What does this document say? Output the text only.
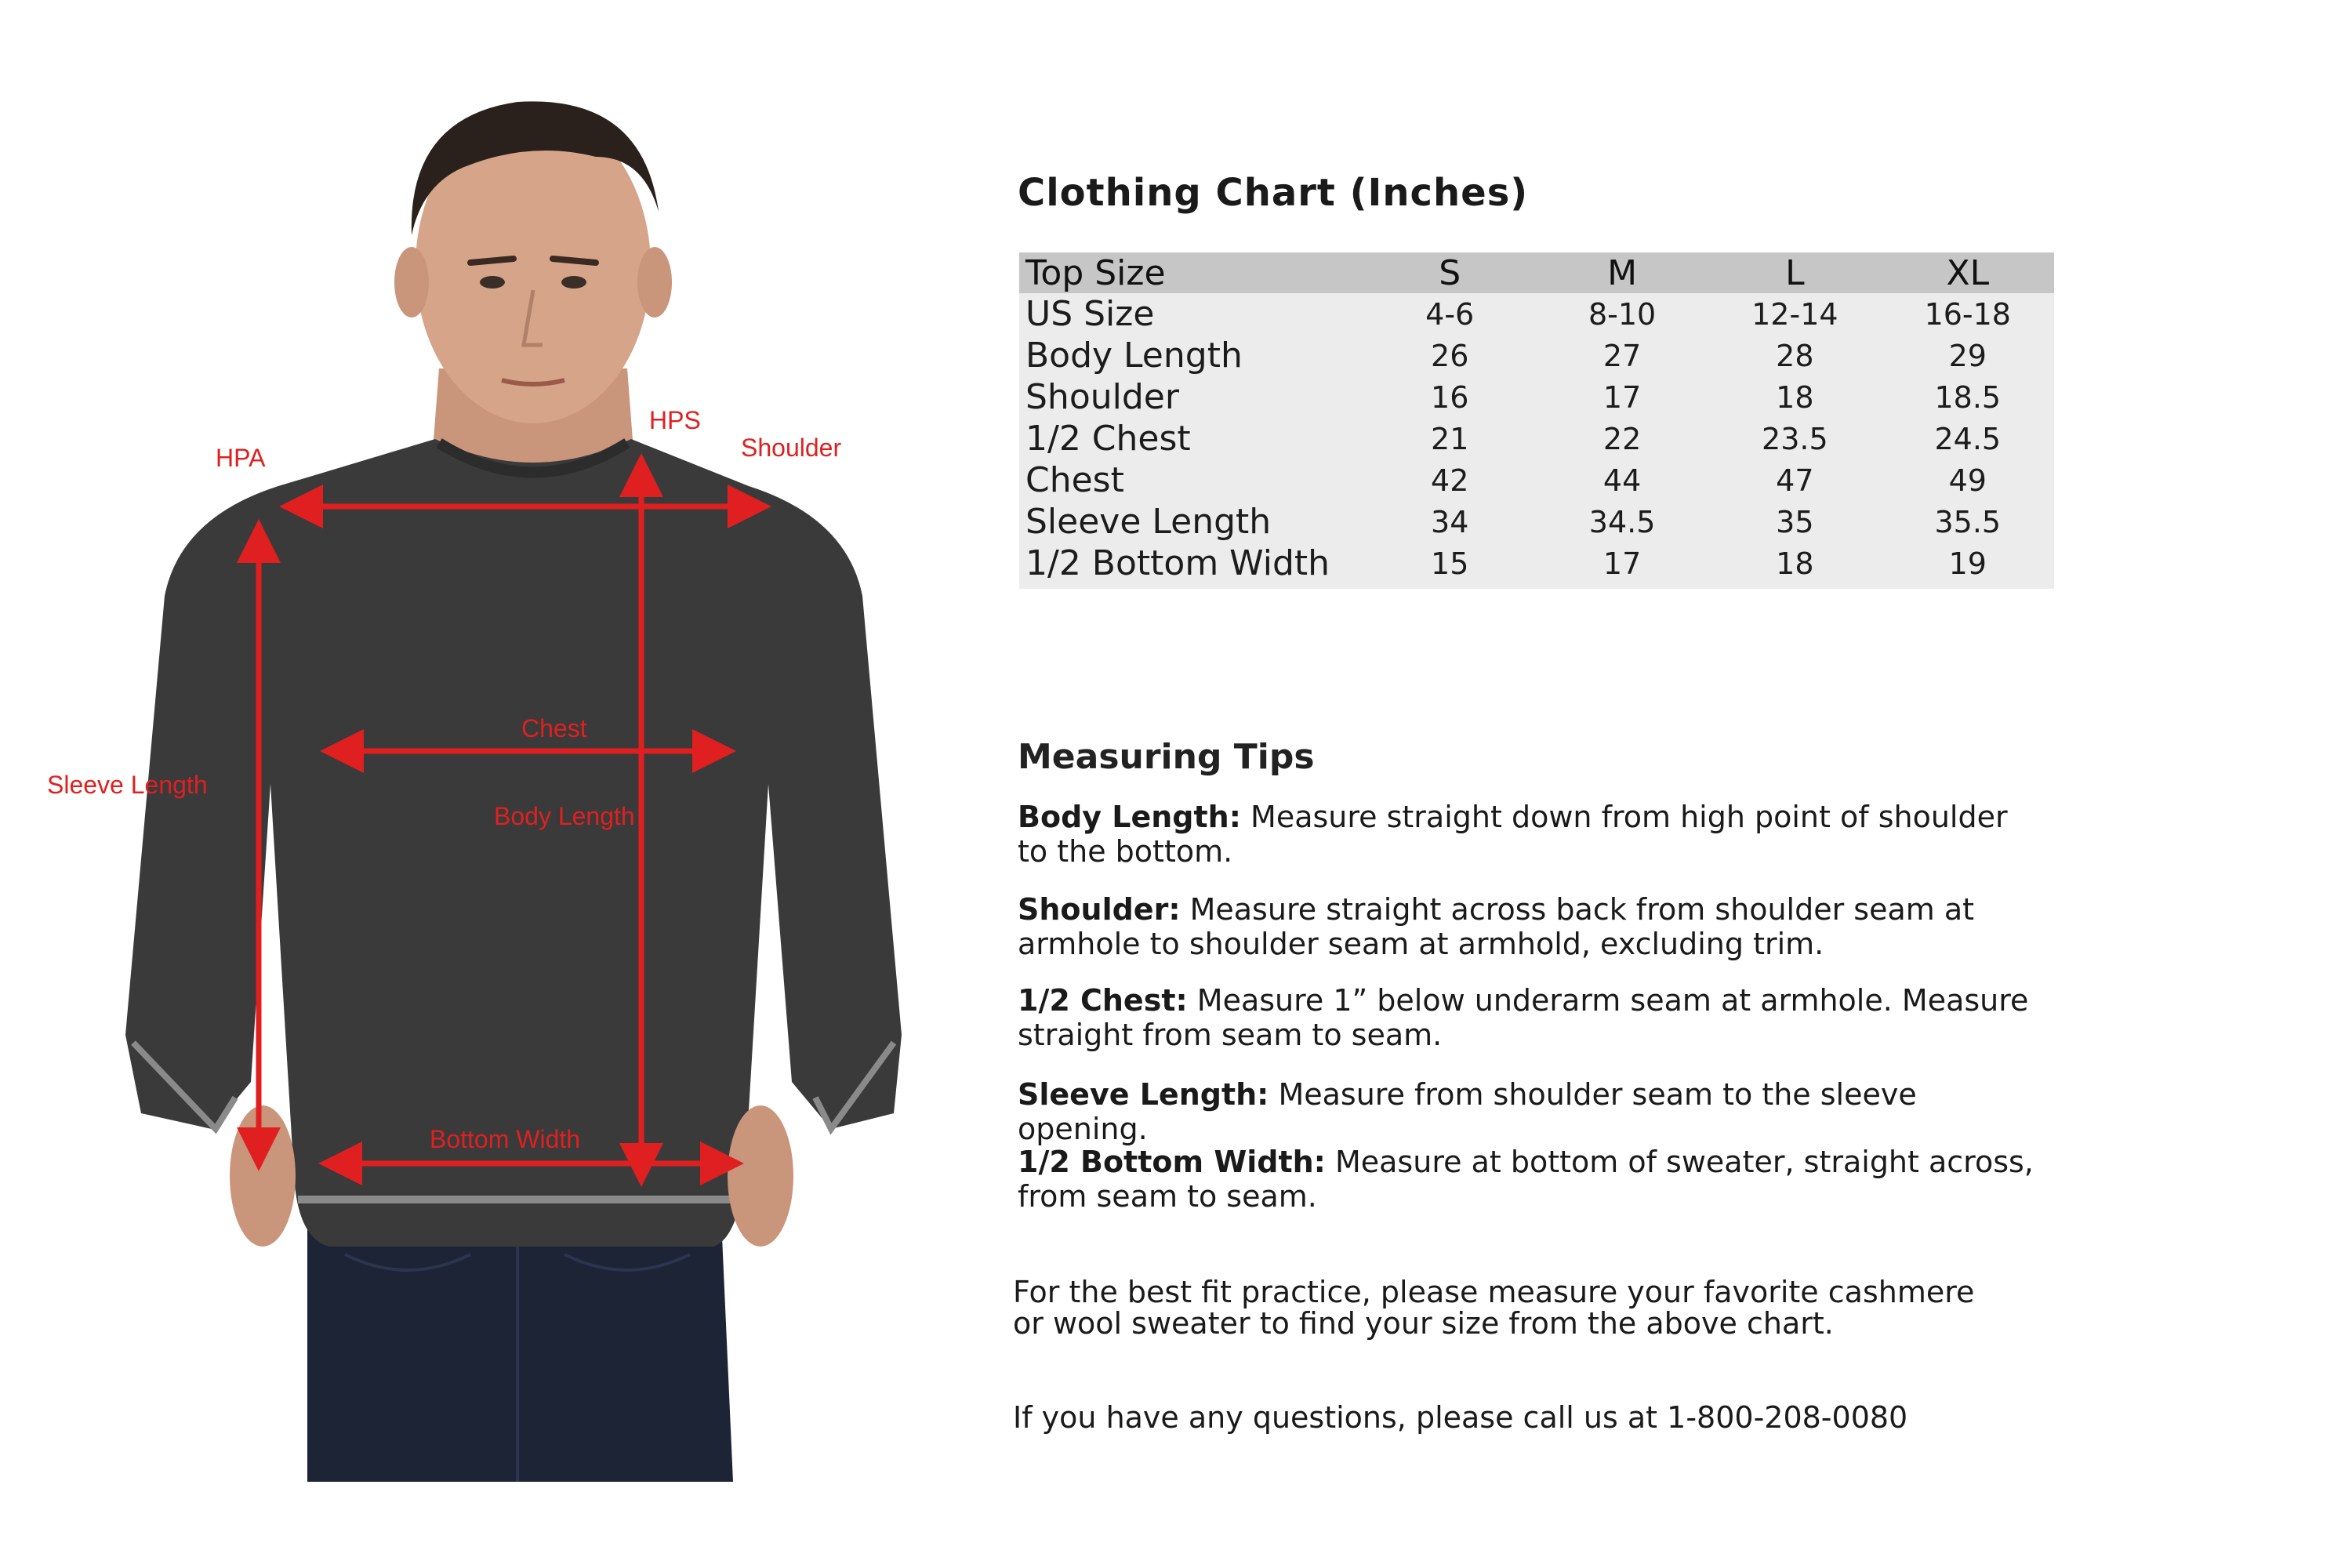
HPA
HPS
Shoulder
Chest
Sleeve Length
Body Length
Bottom Width
Clothing Chart (Inches)
Top Size	S	M	L	XL
US Size	4-6	8-10	12-14	16-18
Body Length	26	27	28	29
Shoulder	16	17	18	18.5
1/2 Chest	21	22	23.5	24.5
Chest	42	44	47	49
Sleeve Length	34	34.5	35	35.5
1/2 Bottom Width	15	17	18	19
Measuring Tips

Body Length: Measure straight down from high point of shoulder
to the bottom.

Shoulder: Measure straight across back from shoulder seam at
armhole to shoulder seam at armhold, excluding trim.

1/2 Chest: Measure 1” below underarm seam at armhole. Measure
straight from seam to seam.

Sleeve Length: Measure from shoulder seam to the sleeve opening.

1/2 Bottom Width: Measure at bottom of sweater, straight across,
from seam to seam.

For the best fit practice, please measure your favorite cashmere
or wool sweater to find your size from the above chart.

If you have any questions, please call us at 1-800-208-0080
